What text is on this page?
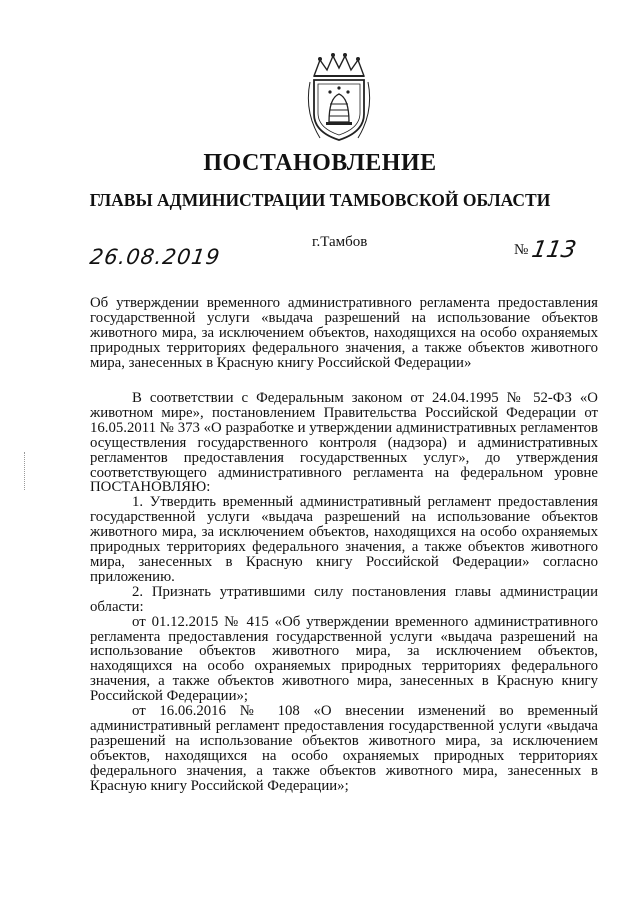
ПОСТАНОВЛЕНИЕ
ГЛАВЫ АДМИНИСТРАЦИИ ТАМБОВСКОЙ ОБЛАСТИ
26.08.2019
г.Тамбов	№113
Об утверждении временного административного регламента предоставления государственной услуги «выдача разрешений на использование объектов животного мира, за исключением объектов, находящихся на особо охраняемых природных территориях федерального значения, а также объектов животного мира, занесенных в Красную книгу Российской Федерации»

В соответствии с Федеральным законом от 24.04.1995 № 52-ФЗ «О животном мире», постановлением Правительства Российской Федерации от 16.05.2011 № 373 «О разработке и утверждении административных регламентов осуществления государственного контроля (надзора) и административных регламентов предоставления государственных услуг», до утверждения соответствующего административного регламента на федеральном уровне ПОСТАНОВЛЯЮ:

1. Утвердить временный административный регламент предоставления государственной услуги «выдача разрешений на использование объектов животного мира, за исключением объектов, находящихся на особо охраняемых природных территориях федерального значения, а также объектов животного мира, занесенных в Красную книгу Российской Федерации» согласно приложению.

2. Признать утратившими силу постановления главы администрации области:

от 01.12.2015 № 415 «Об утверждении временного административного регламента предоставления государственной услуги «выдача разрешений на использование объектов животного мира, за исключением объектов, находящихся на особо охраняемых природных территориях федерального значения, а также объектов животного мира, занесенных в Красную книгу Российской Федерации»;

от 16.06.2016 № 108 «О внесении изменений во временный административный регламент предоставления государственной услуги «выдача разрешений на использование объектов животного мира, за исключением объектов, находящихся на особо охраняемых природных территориях федерального значения, а также объектов животного мира, занесенных в Красную книгу Российской Федерации»;
